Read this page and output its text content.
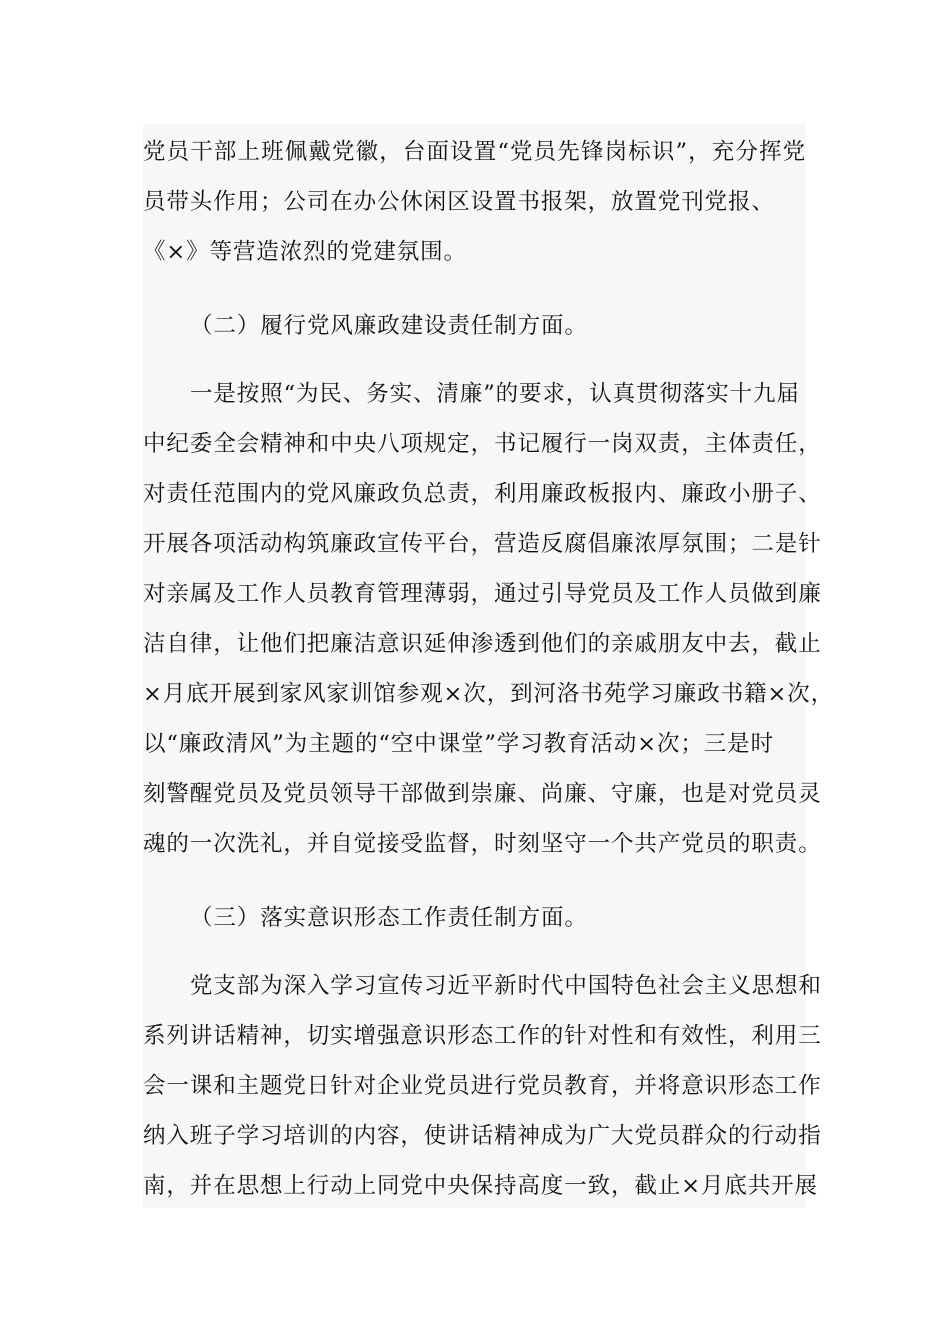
党员干部上班佩戴党徽，台面设置“党员先锋岗标识”，充分挥党
员带头作用；公司在办公休闲区设置书报架，放置党刊党报、
《×》等营造浓烈的党建氛围。
（二）履行党风廉政建设责任制方面。
一是按照“为民、务实、清廉”的要求，认真贯彻落实十九届
中纪委全会精神和中央八项规定，书记履行一岗双责，主体责任，
对责任范围内的党风廉政负总责，利用廉政板报内、廉政小册子、
开展各项活动构筑廉政宣传平台，营造反腐倡廉浓厚氛围；二是针
对亲属及工作人员教育管理薄弱，通过引导党员及工作人员做到廉
洁自律，让他们把廉洁意识延伸渗透到他们的亲戚朋友中去，截止
×月底开展到家风家训馆参观×次，到河洛书苑学习廉政书籍×次，
以“廉政清风”为主题的“空中课堂”学习教育活动×次；三是时
刻警醒党员及党员领导干部做到崇廉、尚廉、守廉，也是对党员灵
魂的一次洗礼，并自觉接受监督，时刻坚守一个共产党员的职责。
（三）落实意识形态工作责任制方面。
党支部为深入学习宣传习近平新时代中国特色社会主义思想和
系列讲话精神，切实增强意识形态工作的针对性和有效性，利用三
会一课和主题党日针对企业党员进行党员教育，并将意识形态工作
纳入班子学习培训的内容，使讲话精神成为广大党员群众的行动指
南，并在思想上行动上同党中央保持高度一致，截止×月底共开展
